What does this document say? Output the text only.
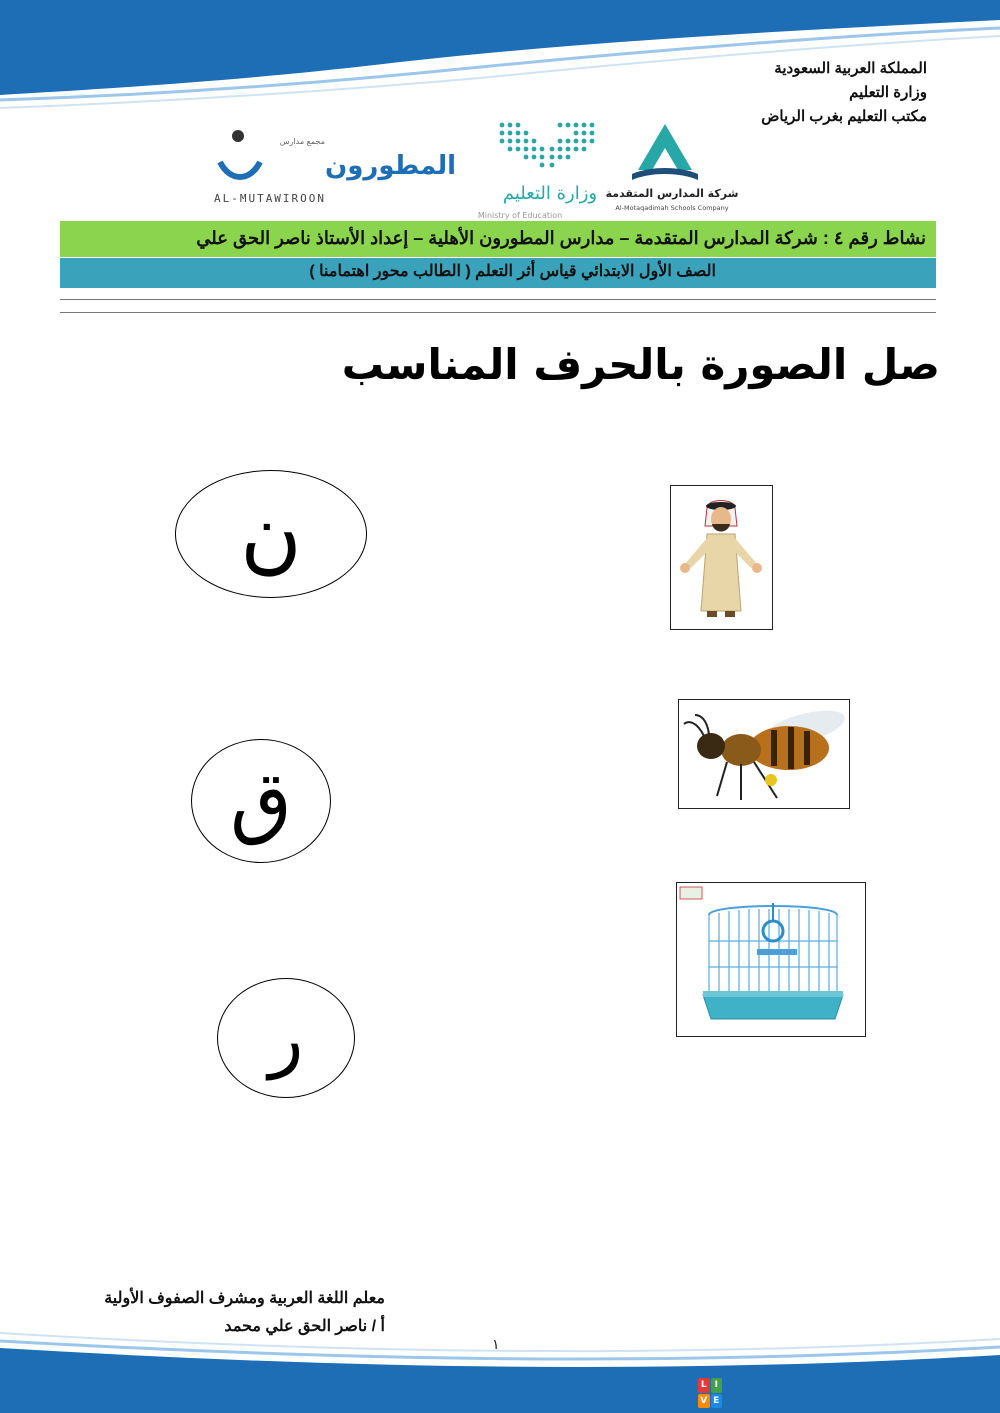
المملكة العربية السعودية
وزارة التعليم
مكتب التعليم بغرب الرياض
مجمع مدارس
المطورون
AL-MUTAWIROON	وزارة التعليم
Ministry of Education
شركة المدارس المتقدمة
Al-Motaqadimah Schools Company
نشاط رقم ٤ : شركة المدارس المتقدمة – مدارس المطورون الأهلية – إعداد الأستاذ ناصر الحق علي
الصف الأول الابتدائي قياس أثر التعلم ( الطالب محور اهتمامنا )
صل الصورة بالحرف المناسب
ن
ق
ر
معلم اللغة العربية ومشرف الصفوف الأولية
أ / ناصر الحق علي محمد
١
L I
V E LIVEWORKSHEETS
